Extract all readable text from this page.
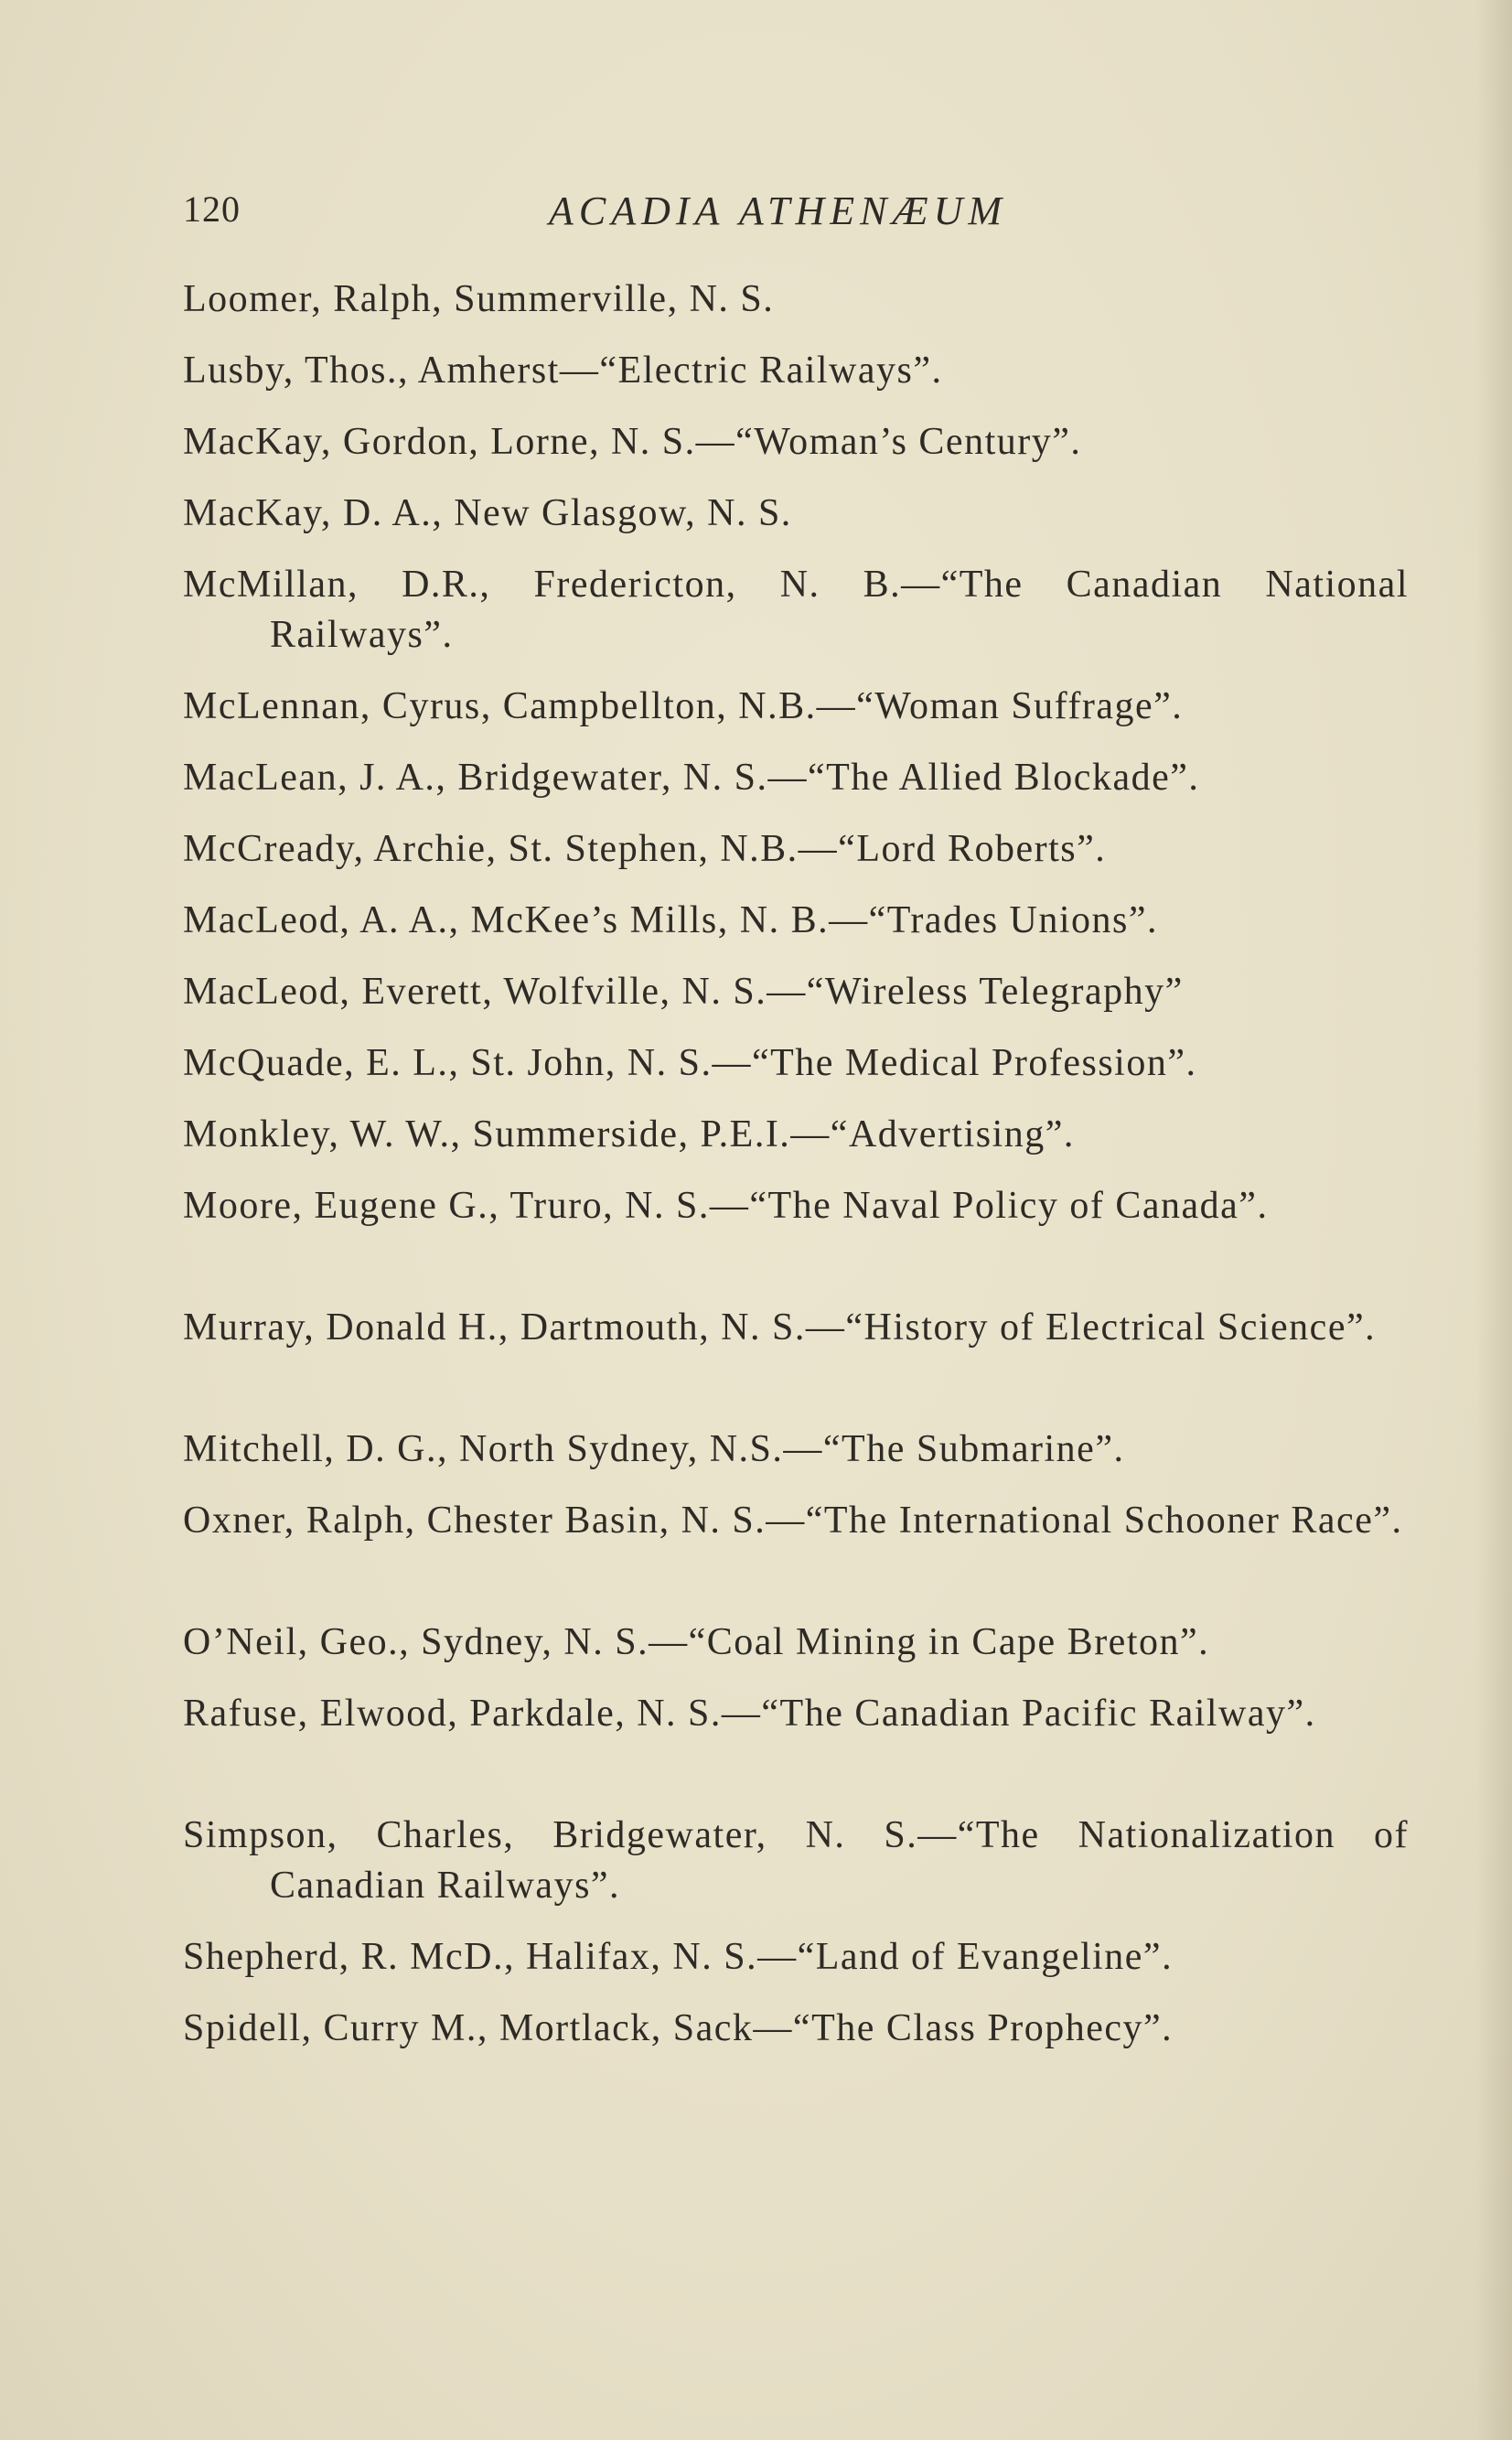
120	ACADIA ATHENÆUM
Loomer, Ralph, Summerville, N. S.
Lusby, Thos., Amherst—“Electric Railways”.
MacKay, Gordon, Lorne, N. S.—“Woman’s Century”.
MacKay, D. A., New Glasgow, N. S.
McMillan, D.R., Fredericton, N. B.—“The Canadian National Railways”.
McLennan, Cyrus, Campbellton, N.B.—“Woman Suffrage”.
MacLean, J. A., Bridgewater, N. S.—“The Allied Blockade”.
McCready, Archie, St. Stephen, N.B.—“Lord Roberts”.
MacLeod, A. A., McKee’s Mills, N. B.—“Trades Unions”.
MacLeod, Everett, Wolfville, N. S.—“Wireless Telegraphy”
McQuade, E. L., St. John, N. S.—“The Medical Profession”.
Monkley, W. W., Summerside, P.E.I.—“Advertising”.
Moore, Eugene G., Truro, N. S.—“The Naval Policy of Canada”.
Murray, Donald H., Dartmouth, N. S.—“History of Electrical Science”.
Mitchell, D. G., North Sydney, N.S.—“The Submarine”.
Oxner, Ralph, Chester Basin, N. S.—“The International Schooner Race”.
O’Neil, Geo., Sydney, N. S.—“Coal Mining in Cape Breton”.
Rafuse, Elwood, Parkdale, N. S.—“The Canadian Pacific Railway”.
Simpson, Charles, Bridgewater, N. S.—“The Nationalization of Canadian Railways”.
Shepherd, R. McD., Halifax, N. S.—“Land of Evangeline”.
Spidell, Curry M., Mortlack, Sack—“The Class Prophecy”.
